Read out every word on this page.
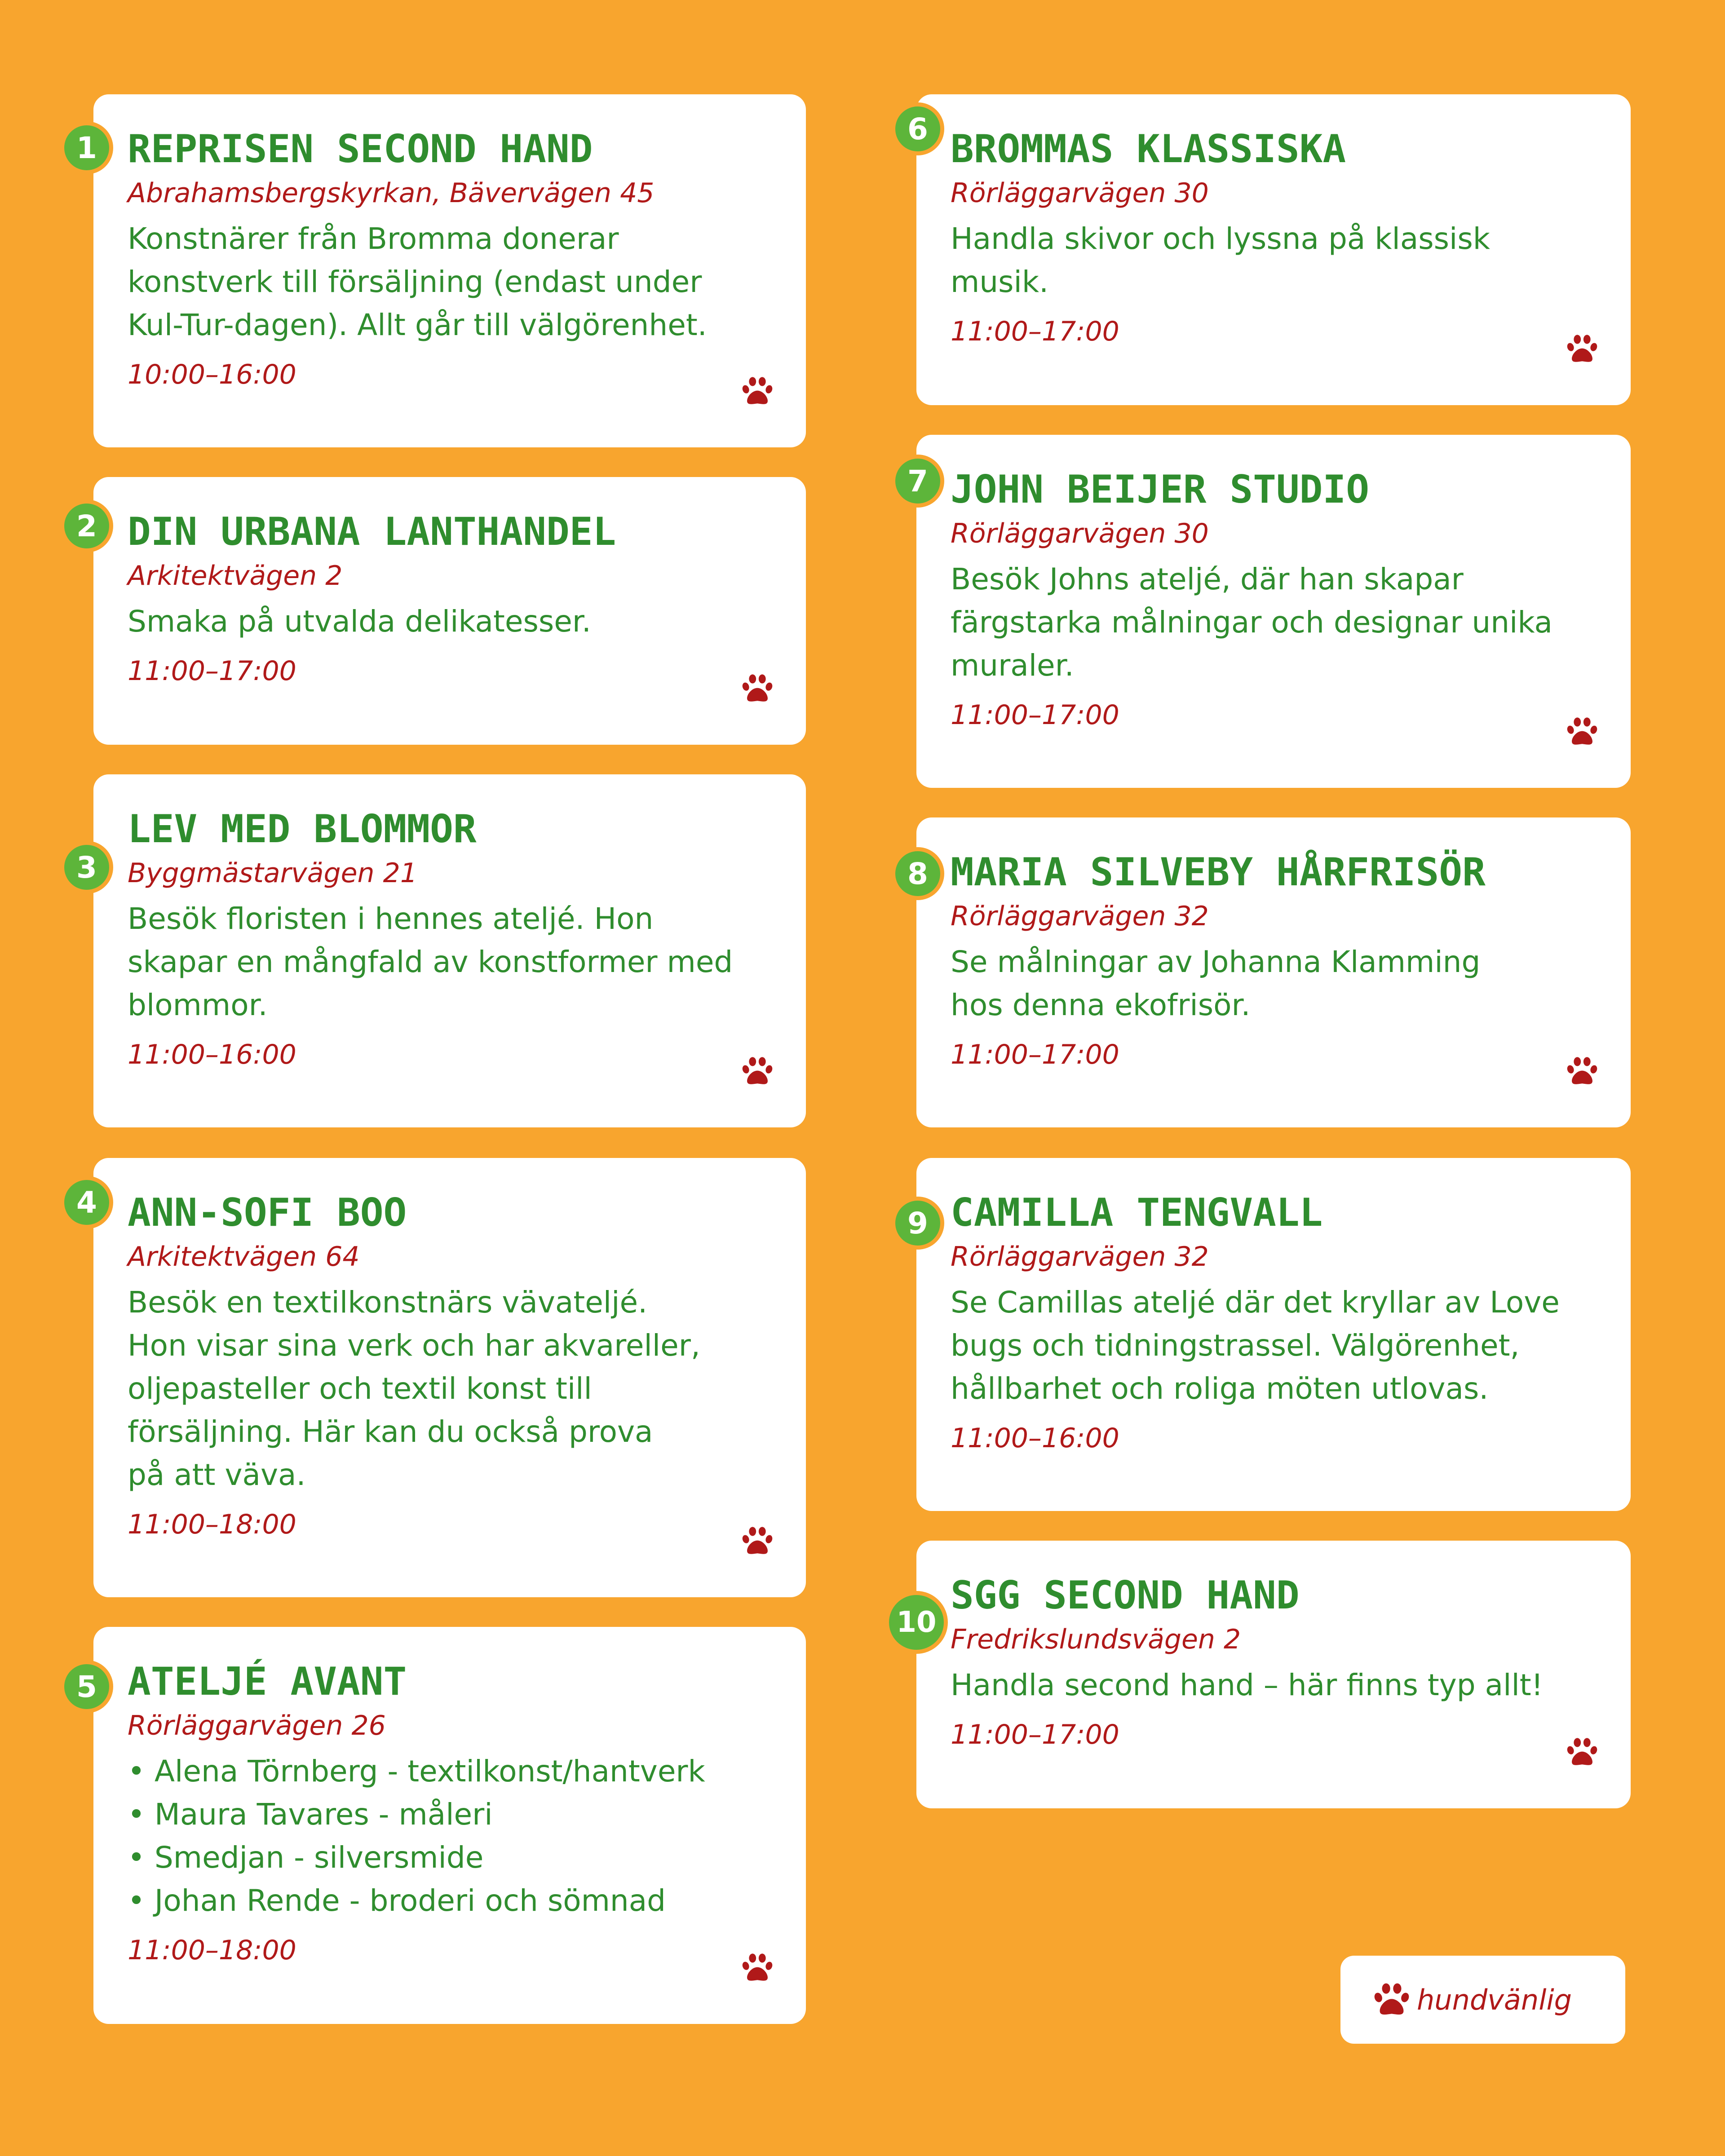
REPRISEN SECOND HAND
Abrahamsbergskyrkan, Bävervägen 45
Konstnärer från Bromma donerar
konstverk till försäljning (endast under
Kul-Tur-dagen). Allt går till välgörenhet.
10:00–16:00
1
DIN URBANA LANTHANDEL
Arkitektvägen 2
Smaka på utvalda delikatesser.
11:00–17:00
2
LEV MED BLOMMOR
Byggmästarvägen 21
Besök floristen i hennes ateljé. Hon
skapar en mångfald av konstformer med
blommor.
11:00–16:00
3
ANN-SOFI BOO
Arkitektvägen 64
Besök en textilkonstnärs vävateljé.
Hon visar sina verk och har akvareller,
oljepasteller och textil konst till
försäljning. Här kan du också prova
på att väva.
11:00–18:00
4
ATELJÉ AVANT
Rörläggarvägen 26
• Alena Törnberg - textilkonst/hantverk
• Maura Tavares - måleri
• Smedjan - silversmide
• Johan Rende - broderi och sömnad
11:00–18:00
5
BROMMAS KLASSISKA
Rörläggarvägen 30
Handla skivor och lyssna på klassisk
musik.
11:00–17:00
6
JOHN BEIJER STUDIO
Rörläggarvägen 30
Besök Johns ateljé, där han skapar
färgstarka målningar och designar unika
muraler.
11:00–17:00
7
MARIA SILVEBY HÅRFRISÖR
Rörläggarvägen 32
Se målningar av Johanna Klamming
hos denna ekofrisör.
11:00–17:00
8
CAMILLA TENGVALL
Rörläggarvägen 32
Se Camillas ateljé där det kryllar av Love
bugs och tidningstrassel. Välgörenhet,
hållbarhet och roliga möten utlovas.
11:00–16:00
9
SGG SECOND HAND
Fredrikslundsvägen 2
Handla second hand – här finns typ allt!
11:00–17:00
10
hundvänlig
